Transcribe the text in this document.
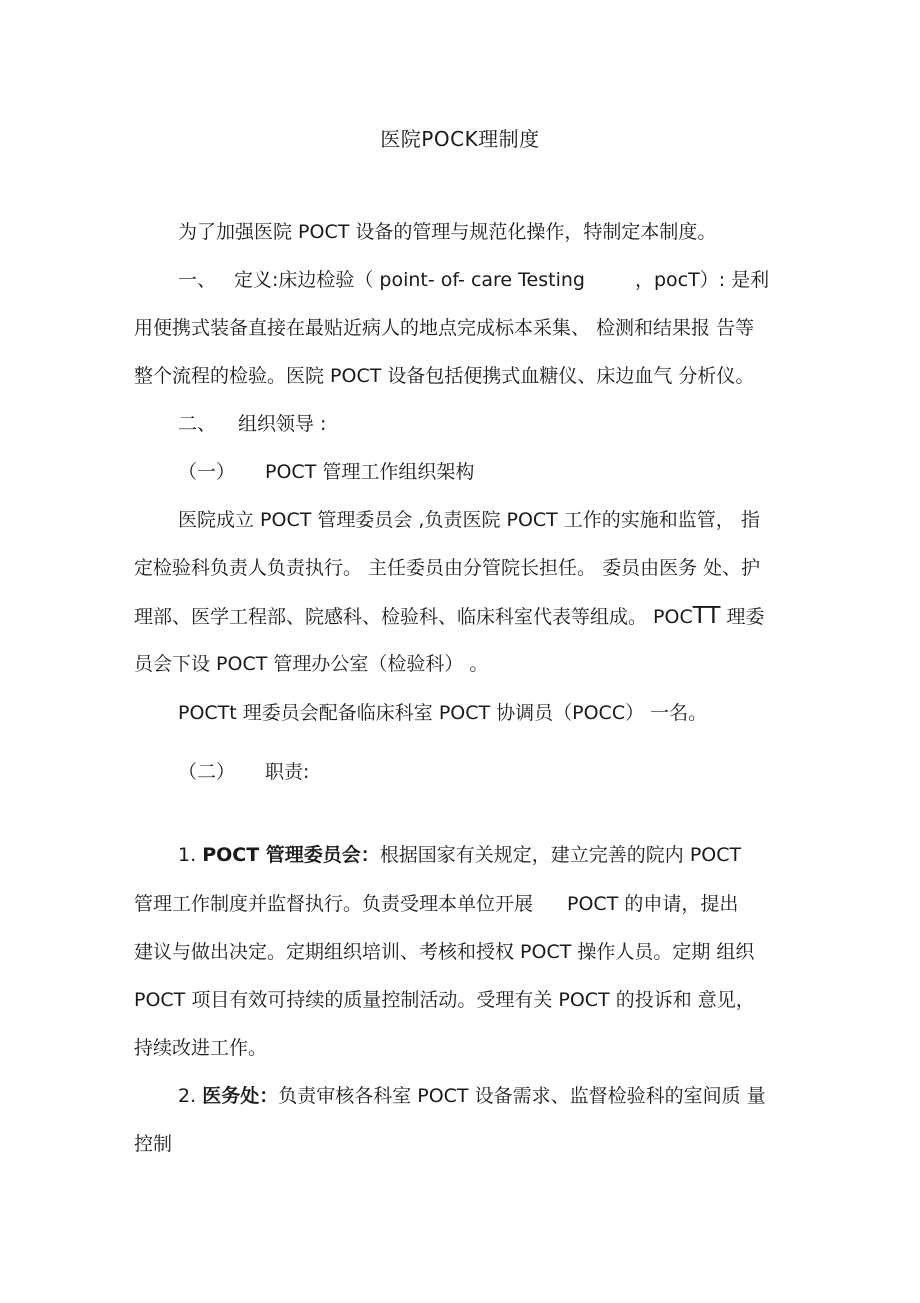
医院POCK理制度
为了加强医院 POCT 设备的管理与规范化操作，特制定本制度。
一、 定义:床边检验（ point- of- care Testing	，pocT）: 是利
用便携式装备直接在最贴近病人的地点完成标本采集、 检测和结果报 告等
整个流程的检验。医院 POCT 设备包括便携式血糖仪、床边血气 分析仪。
二、 组织领导 :
（一） POCT 管理工作组织架构
医院成立 POCT 管理委员会 ,负责医院 POCT 工作的实施和监管， 指
定检验科负责人负责执行。 主任委员由分管院长担任。 委员由医务 处、护
理部、医学工程部、院感科、检验科、临床科室代表等组成。 POCTT 理委
员会下设 POCT 管理办公室（检验科） 。
POCTt 理委员会配备临床科室 POCT 协调员（POCC） 一名。
（二） 职责:
1. POCT 管理委员会：根据国家有关规定，建立完善的院内 POCT
管理工作制度并监督执行。负责受理本单位开展 POCT 的申请，提出
建议与做出决定。定期组织培训、考核和授权 POCT 操作人员。定期 组织
POCT 项目有效可持续的质量控制活动。受理有关 POCT 的投诉和 意见，
持续改进工作。
2. 医务处：负责审核各科室 POCT 设备需求、监督检验科的室间质 量
控制
